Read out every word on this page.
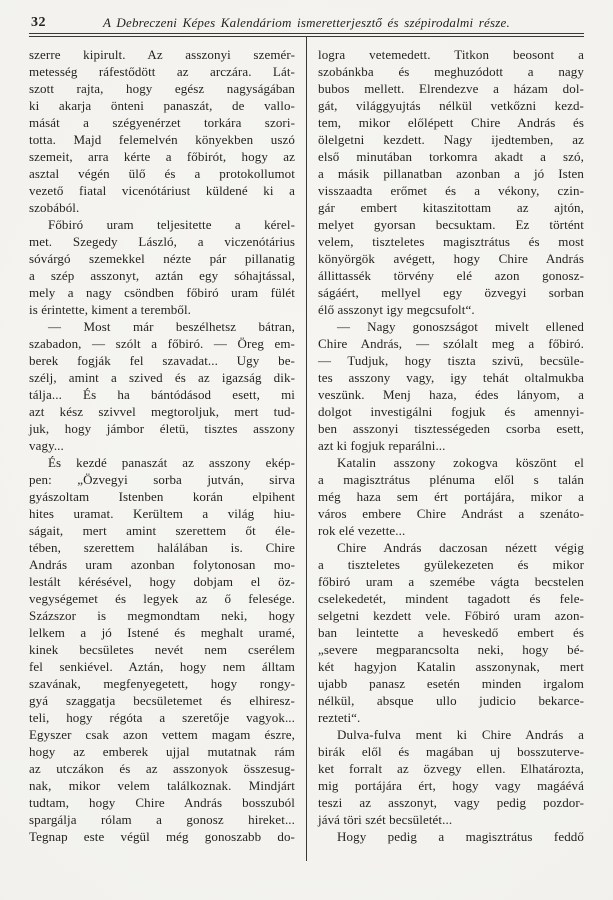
32	A Debreczeni Képes Kalendáriom ismeretterjesztő és szépirodalmi része.
szerre kipirult. Az asszonyi szemér-
metesség ráfestődött az arczára. Lát-
szott rajta, hogy egész nagyságában
ki akarja önteni panaszát, de vallo-
mását a szégyenérzet torkára szori-
totta. Majd felemelvén könyekben uszó
szemeit, arra kérte a főbirót, hogy az
asztal végén ülő és a protokollumot
vezető fiatal vicenótáriust küldené ki a
szobából.
Főbiró uram teljesitette a kérel-
met. Szegedy László, a viczenótárius
sóvárgó szemekkel nézte pár pillanatig
a szép asszonyt, aztán egy sóhajtással,
mely a nagy csöndben főbiró uram fülét
is érintette, kiment a teremből.
— Most már beszélhetsz bátran,
szabadon, — szólt a főbiró. — Öreg em-
berek fogják fel szavadat... Ugy be-
szélj, amint a szived és az igazság dik-
tálja... És ha bántódásod esett, mi
azt kész szivvel megtoroljuk, mert tud-
juk, hogy jámbor életü, tisztes asszony
vagy...
És kezdé panaszát az asszony ekép-
pen: „Özvegyi sorba jutván, sirva
gyászoltam Istenben korán elpihent
hites uramat. Kerültem a világ hiu-
ságait, mert amint szerettem őt éle-
tében, szerettem halálában is. Chire
András uram azonban folytonosan mo-
lestált kérésével, hogy dobjam el öz-
vegységemet és legyek az ő felesége.
Százszor is megmondtam neki, hogy
lelkem a jó Istené és meghalt uramé,
kinek becsületes nevét nem cserélem
fel senkiével. Aztán, hogy nem álltam
szavának, megfenyegetett, hogy rongy-
gyá szaggatja becsületemet és elhiresz-
teli, hogy régóta a szeretője vagyok...
Egyszer csak azon vettem magam észre,
hogy az emberek ujjal mutatnak rám
az utczákon és az asszonyok összesug-
nak, mikor velem találkoznak. Mindjárt
tudtam, hogy Chire András bosszuból
spargálja rólam a gonosz hireket...
Tegnap este végül még gonoszabb do-
logra vetemedett. Titkon beosont a
szobánkba és meghuzódott a nagy
bubos mellett. Elrendezve a házam dol-
gát, világgyujtás nélkül vetkőzni kezd-
tem, mikor előlépett Chire András és
ölelgetni kezdett. Nagy ijedtemben, az
első minutában torkomra akadt a szó,
a másik pillanatban azonban a jó Isten
visszaadta erőmet és a vékony, czin-
gár embert kitaszitottam az ajtón,
melyet gyorsan becsuktam. Ez történt
velem, tiszteletes magisztrátus és most
könyörgök avégett, hogy Chire András
állittassék törvény elé azon gonosz-
ságáért, mellyel egy özvegyi sorban
élő asszonyt igy megcsufolt“.
— Nagy gonoszságot mivelt ellened
Chire András, — szólalt meg a főbiró.
— Tudjuk, hogy tiszta szivü, becsüle-
tes asszony vagy, igy tehát oltalmukba
veszünk. Menj haza, édes lányom, a
dolgot investigálni fogjuk és amennyi-
ben asszonyi tisztességeden csorba esett,
azt ki fogjuk reparálni...
Katalin asszony zokogva köszönt el
a magisztrátus plénuma elől s talán
még haza sem ért portájára, mikor a
város embere Chire Andrást a szenáto-
rok elé vezette...
Chire András daczosan nézett végig
a tiszteletes gyülekezeten és mikor
főbiró uram a szemébe vágta becstelen
cselekedetét, mindent tagadott és fele-
selgetni kezdett vele. Főbiró uram azon-
ban leintette a heveskedő embert és
„severe megparancsolta neki, hogy bé-
két hagyjon Katalin asszonynak, mert
ujabb panasz esetén minden irgalom
nélkül, absque ullo judicio bekarce-
rezteti“.
Dulva-fulva ment ki Chire András a
birák elől és magában uj bosszuterve-
ket forralt az özvegy ellen. Elhatározta,
mig portájára ért, hogy vagy magáévá
teszi az asszonyt, vagy pedig pozdor-
jává töri szét becsületét...
Hogy pedig a magisztrátus feddő
